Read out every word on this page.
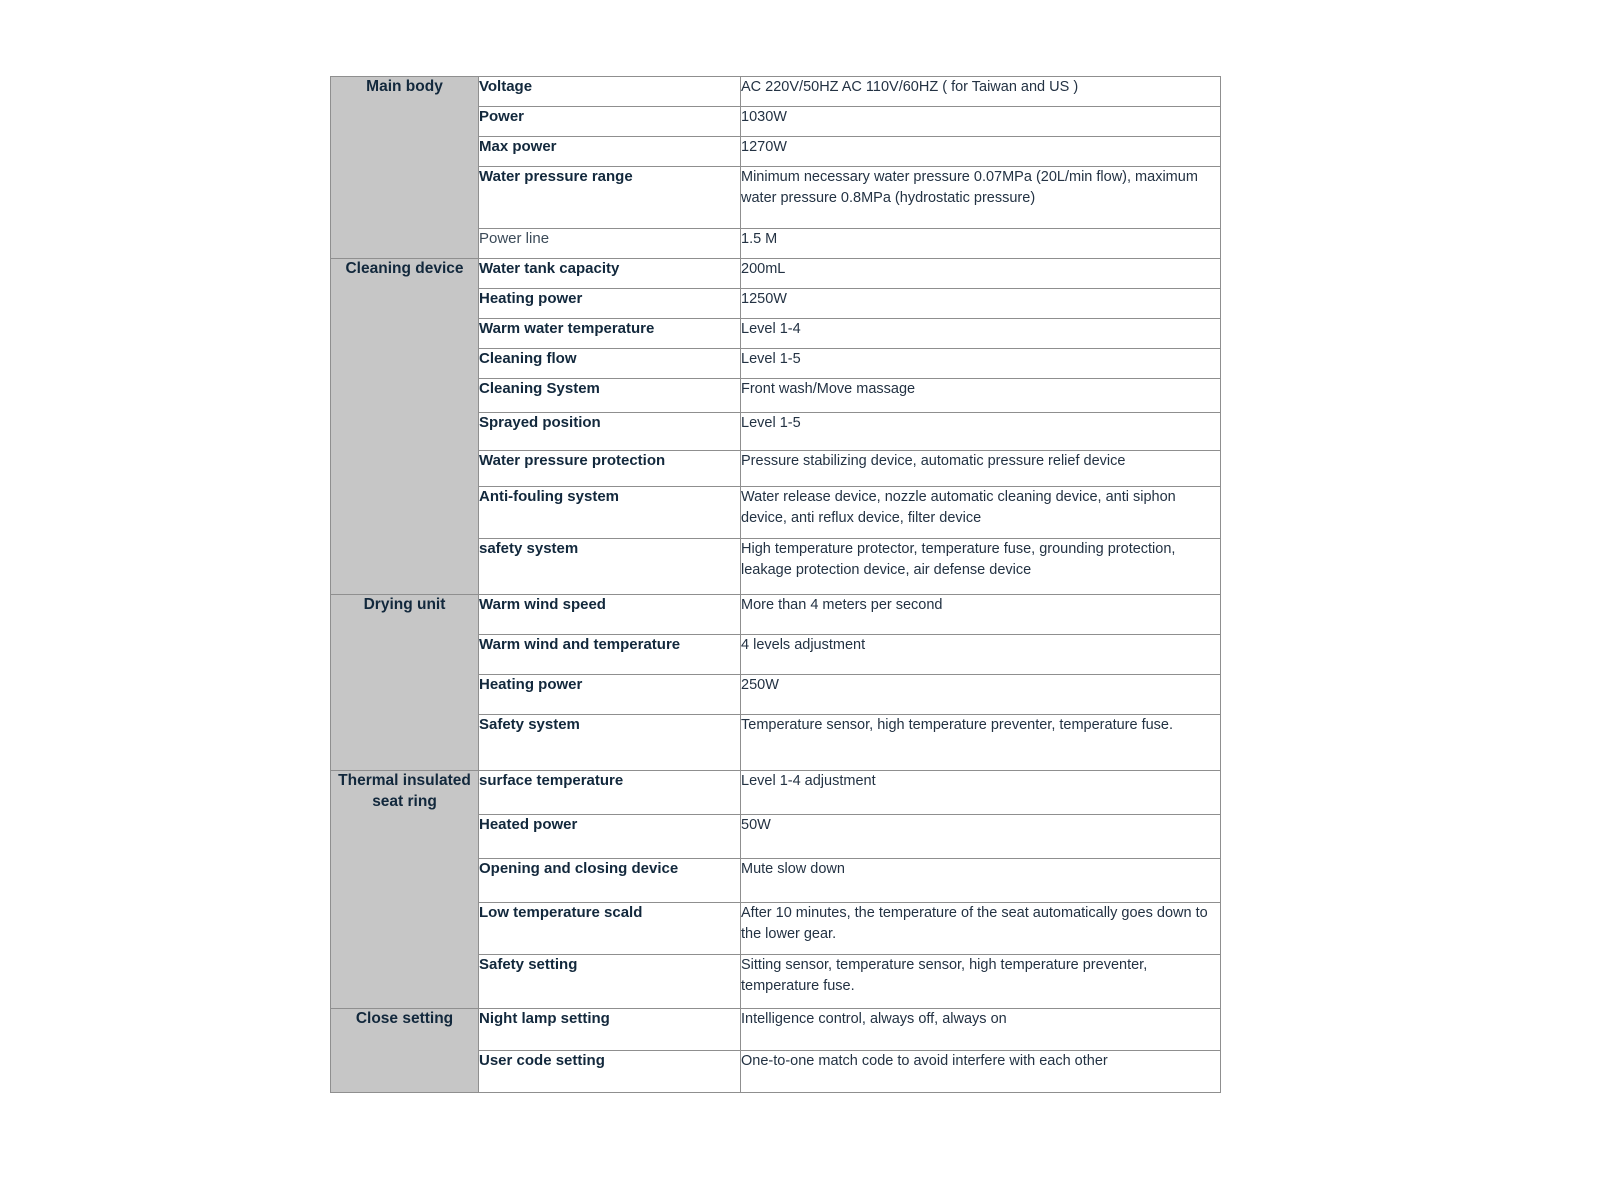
Main body	Voltage	AC 220V/50HZ AC 110V/60HZ ( for Taiwan and US )
	Power	1030W
	Max power	1270W
	Water pressure range	Minimum necessary water pressure 0.07MPa (20L/min flow), maximum water pressure 0.8MPa (hydrostatic pressure)
	Power line	1.5 M
Cleaning device	Water tank capacity	200mL
	Heating power	1250W
	Warm water temperature	Level 1-4
	Cleaning flow	Level 1-5
	Cleaning System	Front wash/Move massage
	Sprayed position	Level 1-5
	Water pressure protection	Pressure stabilizing device, automatic pressure relief device
	Anti-fouling system	Water release device, nozzle automatic cleaning device, anti siphon device, anti reflux device, filter device
	safety system	High temperature protector, temperature fuse, grounding protection, leakage protection device, air defense device
Drying unit	Warm wind speed	More than 4 meters per second
	Warm wind and temperature	4 levels adjustment
	Heating power	250W
	Safety system	Temperature sensor, high temperature preventer, temperature fuse.
Thermal insulated seat ring	surface temperature	Level 1-4 adjustment
	Heated power	50W
	Opening and closing device	Mute slow down
	Low temperature scald	After 10 minutes, the temperature of the seat automatically goes down to the lower gear.
	Safety setting	Sitting sensor, temperature sensor, high temperature preventer, temperature fuse.
Close setting	Night lamp setting	Intelligence control, always off, always on
	User code setting	One-to-one match code to avoid interfere with each other
